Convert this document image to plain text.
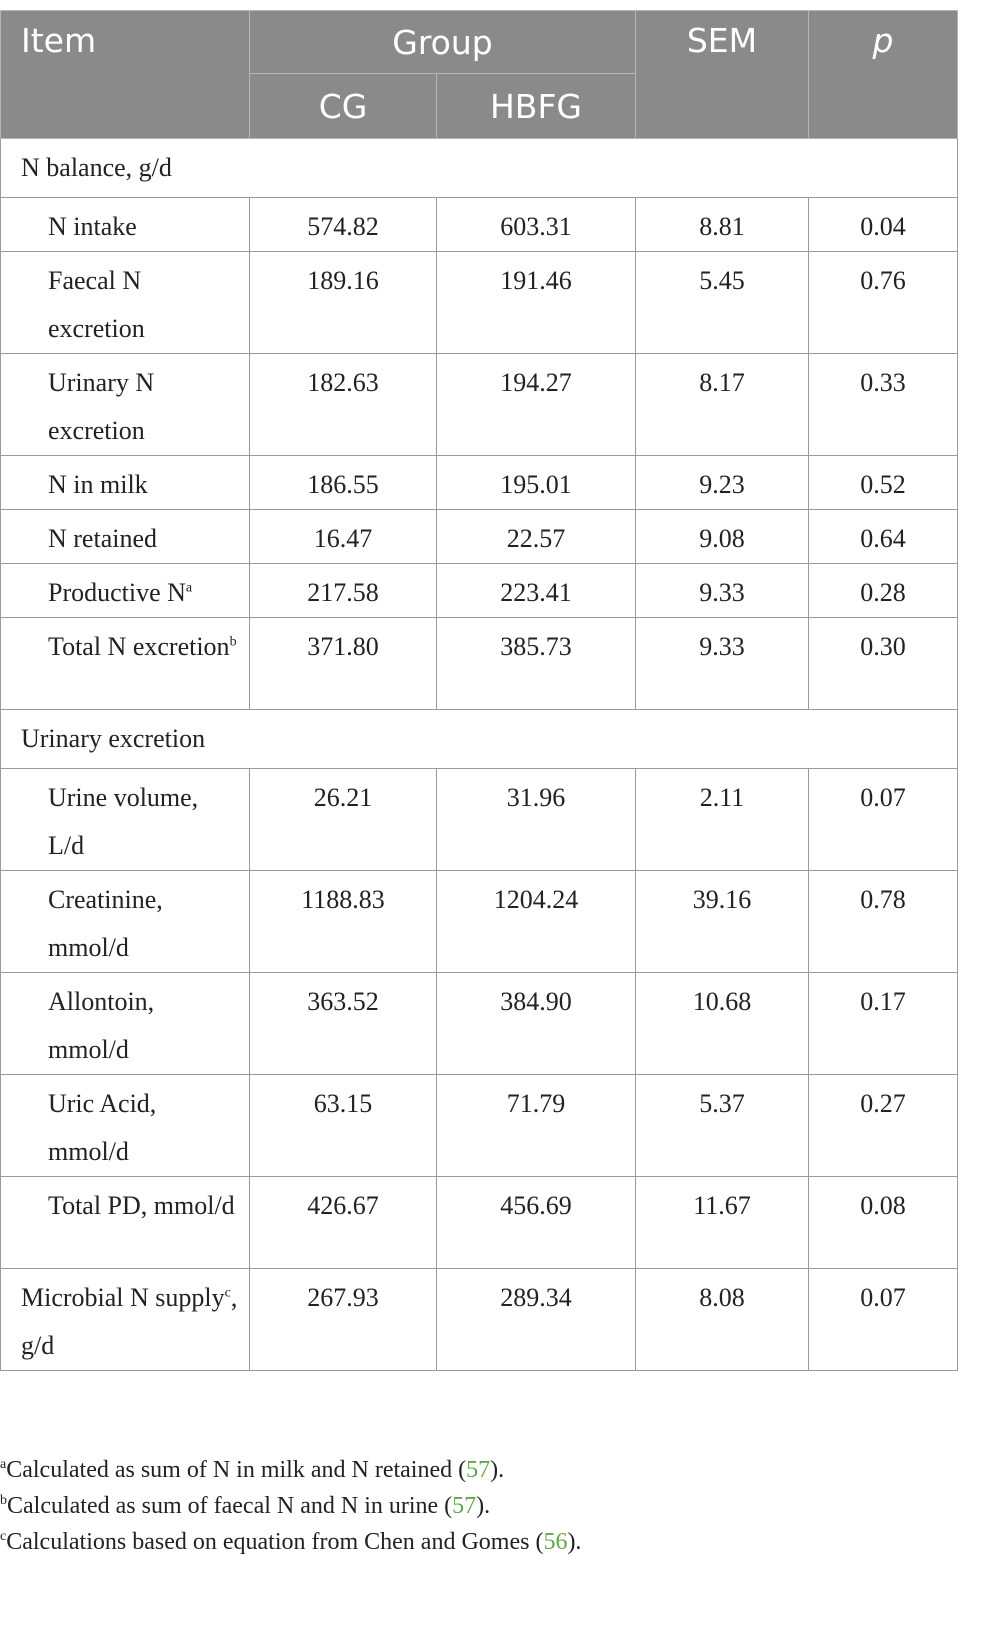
Item	Group		SEM	p
	CG	HBFG		
N balance, g/d				
N intake	574.82	603.31	8.81	0.04
Faecal N excretion	189.16	191.46	5.45	0.76
Urinary N excretion	182.63	194.27	8.17	0.33
N in milk	186.55	195.01	9.23	0.52
N retained	16.47	22.57	9.08	0.64
Productive $N^a$	217.58	223.41	9.33	0.28
Total N excretion$^b$	371.80	385.73	9.33	0.30
Urinary excretion				
Urine volume, L/d	26.21	31.96	2.11	0.07
Creatinine, mmol/d	1188.83	1204.24	39.16	0.78
Allontoin, mmol/d	363.52	384.90	10.68	0.17
Uric Acid, mmol/d	63.15	71.79	5.37	0.27
Total PD, mmol/d	426.67	456.69	11.67	0.08
Microbial N supply$^c$, g/d	267.93	289.34	8.08	0.07
$^a$Calculated as sum of N in milk and N retained (57).
$^b$Calculated as sum of faecal N and N in urine (57).
$^c$Calculations based on equation from Chen and Gomes (56).
